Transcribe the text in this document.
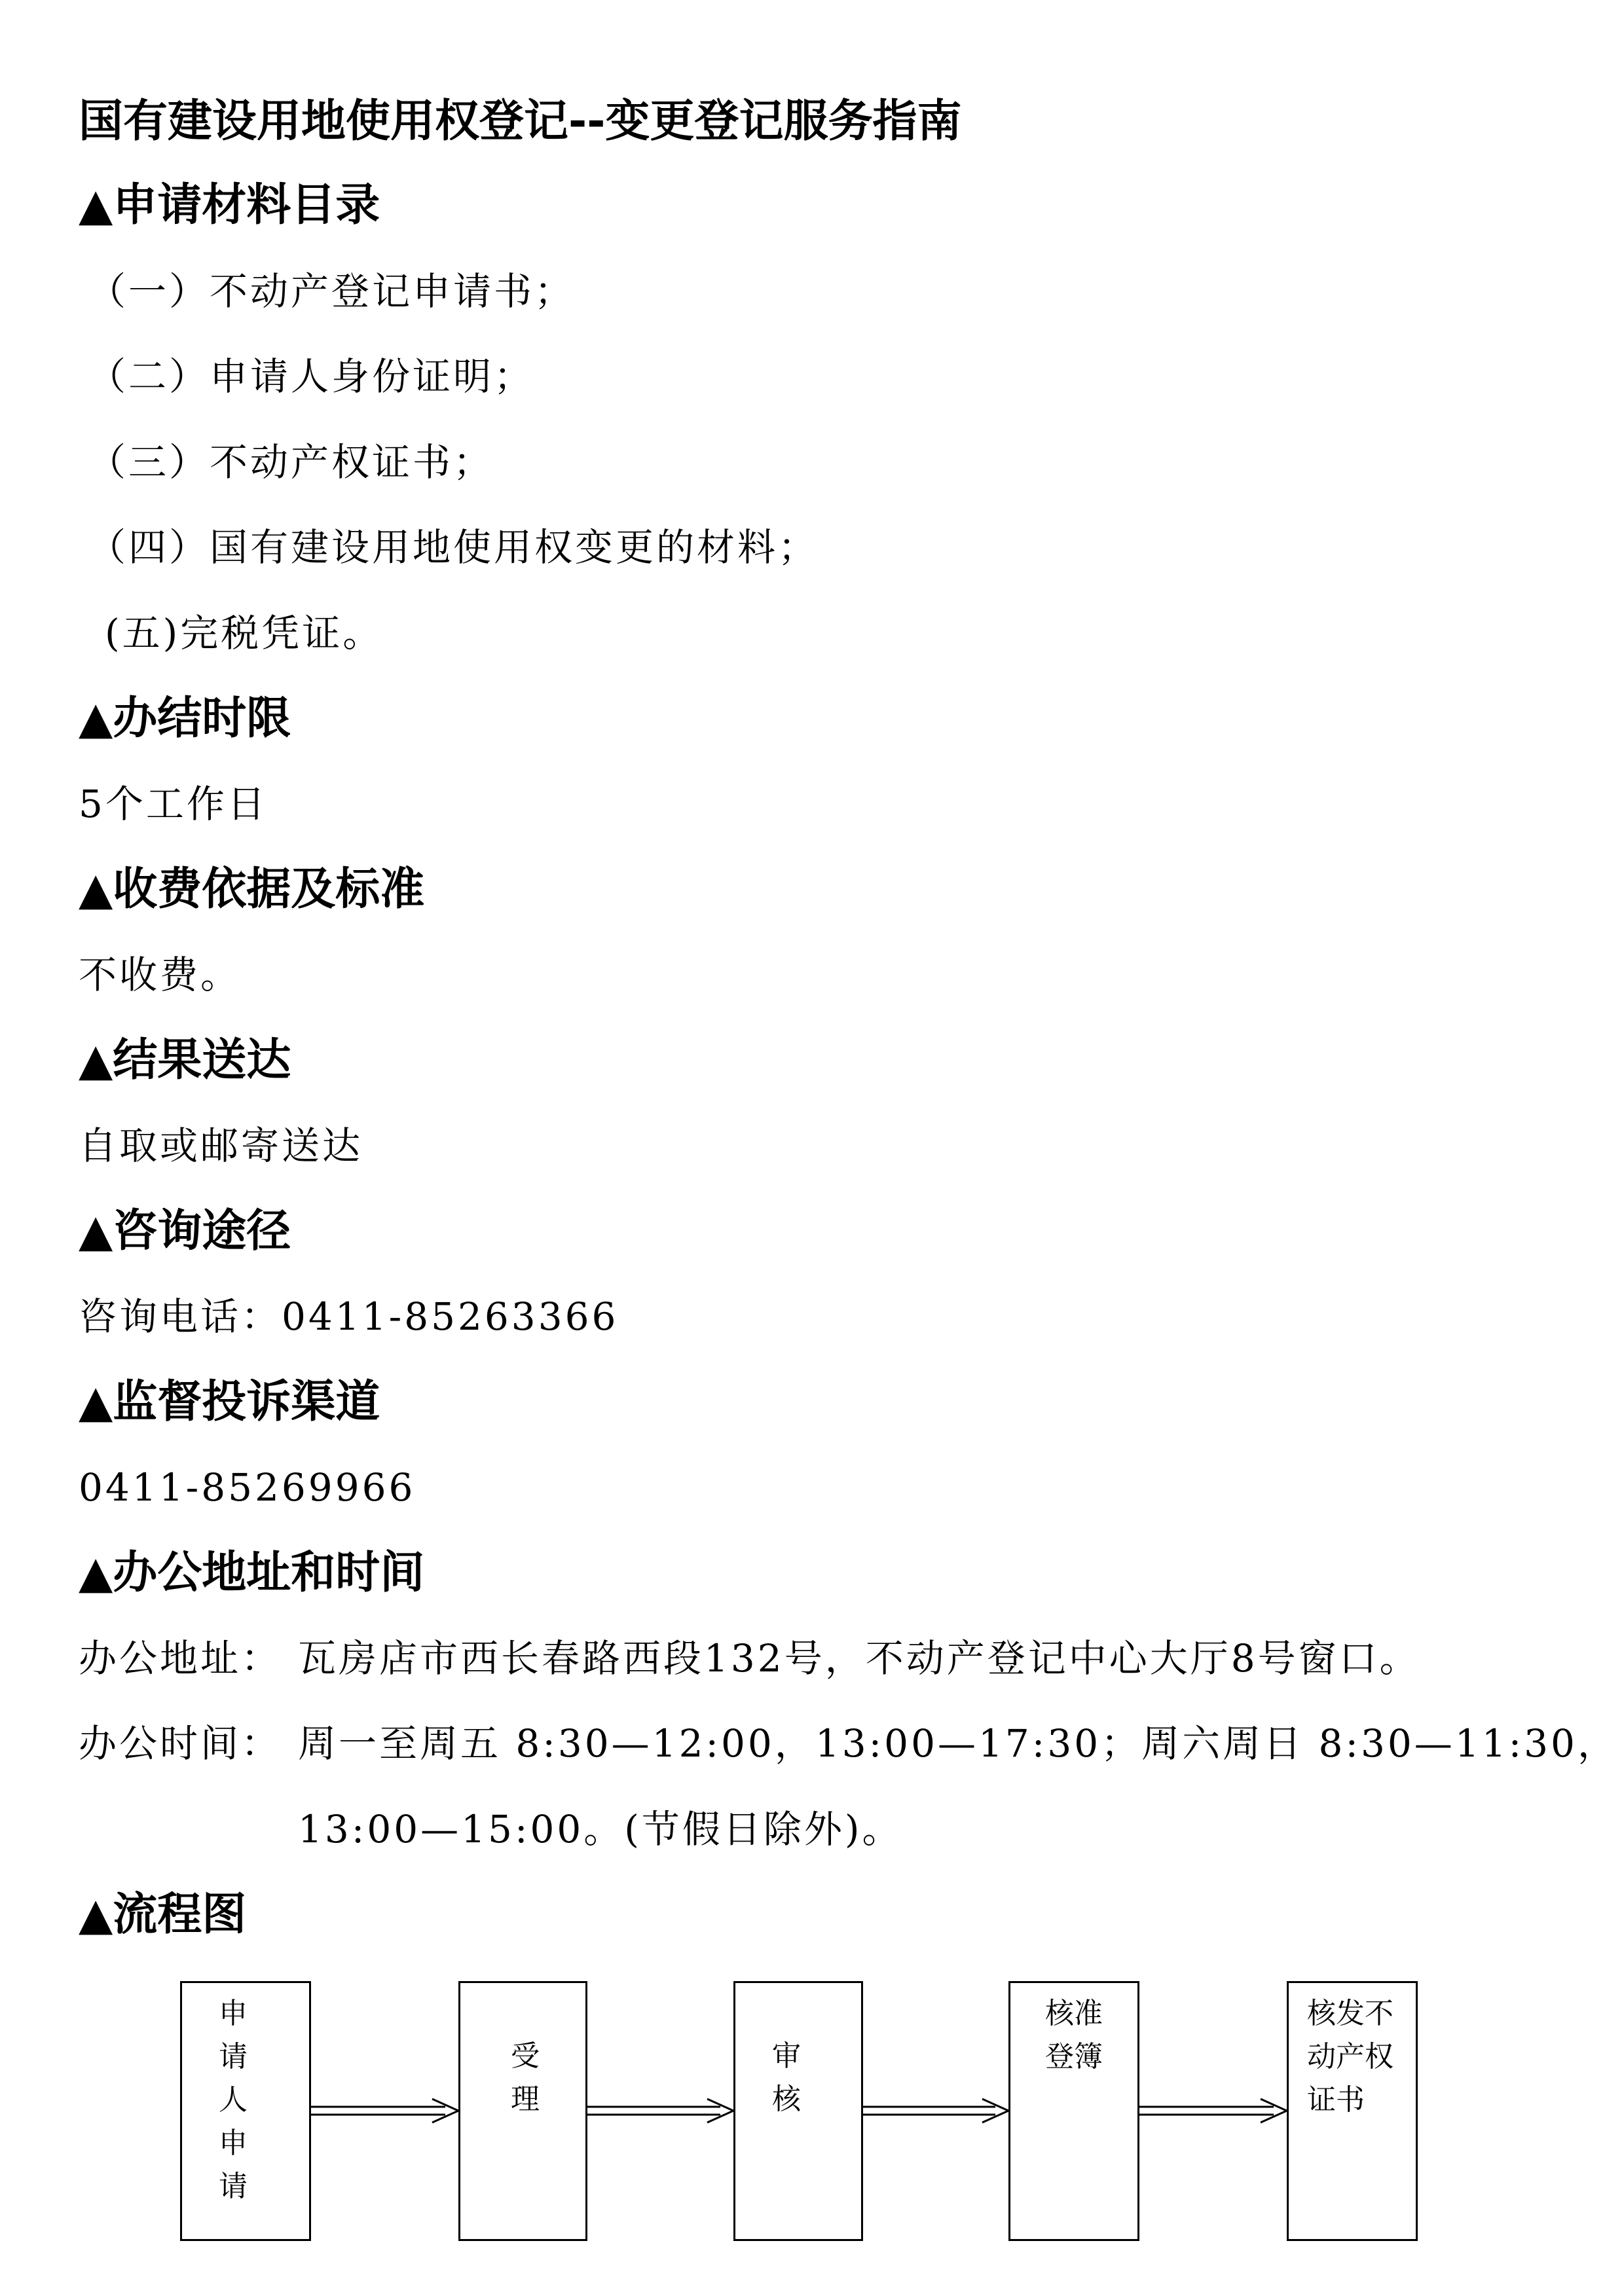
国有建设用地使用权登记--变更登记服务指南
▲申请材料目录

（一）不动产登记申请书；

（二）申请人身份证明；

（三）不动产权证书；

（四）国有建设用地使用权变更的材料；

(五)完税凭证。

▲办结时限

5个工作日

▲收费依据及标准

不收费。

▲结果送达

自取或邮寄送达

▲咨询途径

咨询电话：0411-85263366

▲监督投诉渠道

0411-85269966

▲办公地址和时间

办公地址： 瓦房店市西长春路西段132号，不动产登记中心大厅8号窗口。

办公时间： 周一至周五 8:30—12:00，13:00—17:30；周六周日 8:30—11:30，

13:00—15:00。(节假日除外)。

▲流程图

申请人申请

受理

审核

核准登簿

核发不动产权证书
